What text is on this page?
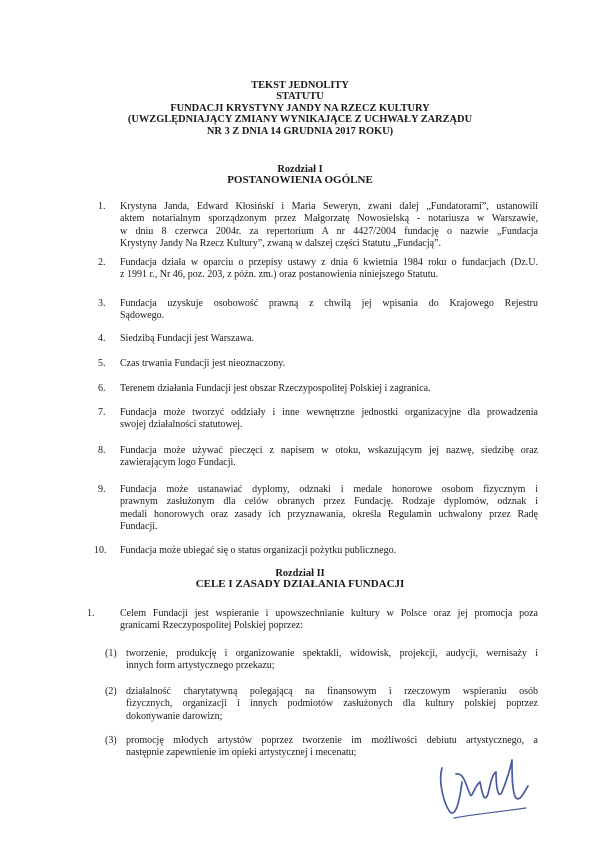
TEKST JEDNOLITY
STATUTU
FUNDACJI KRYSTYNY JANDY NA RZECZ KULTURY
(UWZGLĘDNIAJĄCY ZMIANY WYNIKAJĄCE Z UCHWAŁY ZARZĄDU
NR 3 Z DNIA 14 GRUDNIA 2017 ROKU)
Rozdział I
POSTANOWIENIA OGÓLNE
1. Krystyna Janda, Edward Kłosiński i Maria Seweryn, zwani dalej „Fundatorami”, ustanowili
aktem notarialnym sporządzonym przez Małgorzatę Nowosielską - notariusza w Warszawie,
w dniu 8 czerwca 2004r. za repertorium A nr 4427/2004 fundację o nazwie „Fundacja
Krystyny Jandy Na Rzecz Kultury”, zwaną w dalszej części Statutu „Fundacją”.
2. Fundacja działa w oparciu o przepisy ustawy z dnia 6 kwietnia 1984 roku o fundacjach (Dz.U.
z 1991 r., Nr 46, poz. 203, z późn. zm.) oraz postanowienia niniejszego Statutu.
3. Fundacja uzyskuje osobowość prawną z chwilą jej wpisania do Krajowego Rejestru
Sądowego.
4. Siedzibą Fundacji jest Warszawa.
5. Czas trwania Fundacji jest nieoznaczony.
6. Terenem działania Fundacji jest obszar Rzeczypospolitej Polskiej i zagranica.
7. Fundacja może tworzyć oddziały i inne wewnętrzne jednostki organizacyjne dla prowadzenia
swojej działalności statutowej.
8. Fundacja może używać pieczęci z napisem w otoku, wskazującym jej nazwę, siedzibę oraz
zawierającym logo Fundacji.
9. Fundacja może ustanawiać dyplomy, odznaki i medale honorowe osobom fizycznym i
prawnym zasłużonym dla celów obranych przez Fundację. Rodzaje dyplomów, odznak i
medali honorowych oraz zasady ich przyznawania, określa Regulamin uchwalony przez Radę
Fundacji.
10. Fundacja może ubiegać się o status organizacji pożytku publicznego.
Rozdział II
CELE I ZASADY DZIAŁANIA FUNDACJI
1.	Celem Fundacji jest wspieranie i upowszechnianie kultury w Polsce oraz jej promocja poza
granicami Rzeczypospolitej Polskiej poprzez:
(1) tworzenie, produkcję i organizowanie spektakli, widowisk, projekcji, audycji, wernisaży i
innych form artystycznego przekazu;
(2) działalność charytatywną polegającą na finansowym i rzeczowym wspieraniu osób
fizycznych, organizacji i innych podmiotów zasłużonych dla kultury polskiej poprzez
dokonywanie darowizn;
(3) promocję młodych artystów poprzez tworzenie im możliwości debiutu artystycznego, a
następnie zapewnienie im opieki artystycznej i mecenatu;
